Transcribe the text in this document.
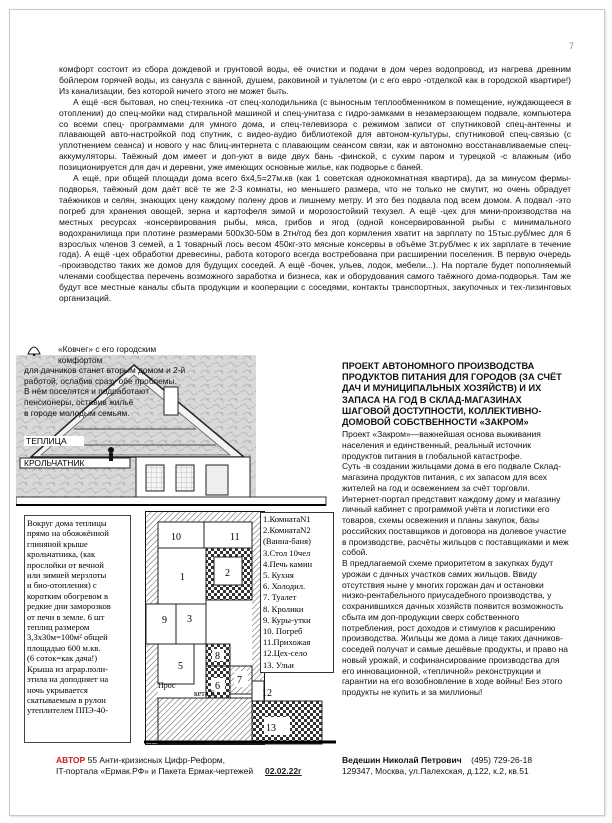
7

комфорт состоит из сбора дождевой и грунтовой воды, её очистки и подачи в дом через водопровод, из нагрева древним бойлером горячей воды, из санузла с ванной, душем, раковиной и туалетом (и с его евро -отделкой как в городской квартире!) Из канализации, без которой ничего этого не может быть.

А ещё -вся бытовая, но спец-техника -от спец-холодильника (с выносным теплообменником в помещение, нуждающееся в отоплении) до спец-мойки над стиральной машиной и спец-унитаза с гидро-замками в незамерзающем подвале, компьютера со всеми спец- программами для умного дома, и спец-телевизора с режимом записи от спутниковой спец-антенны и плавающей авто-настройкой под спутник, с видео-аудио библиотекой для автоном-культуры, спутниковой спец-связью (с уплотнением сеанса) и нового у нас блиц-интернета с плавающим сеансом связи, как и автономно восстанавливаемые спец-аккумуляторы. Таёжный дом имеет и доп-уют в виде двух бань -финской, с сухим паром и турецкой -с влажным (ибо позиционируется для дач и деревни, уже имеющих основные жилье, как подворье с баней.

А ещё, при общей площади дома всего 6х4,5=27м.кв (как 1 советская однокомнатная квартира), да за минусом фермы-подворья, таёжный дом даёт всё те же 2-3 комнаты, но меньшего размера, что не только не смутит, но очень обрадует таёжников и селян, знающих цену каждому полену дров и лишнему метру. И это без подвала под всем домом. А подвал -это погреб для хранения овощей, зерна и картофеля зимой и морозостойкий техузел. А ещё -цех для мини-производства на местных ресурсах -консервирования рыбы, мяса, грибов и ягод (одной консервированной рыбы с минимального водохранилища при плотине размерами 500х30-50м в 2тн/год без доп кормления хватит на зарплату по 15тыс.руб/мес для 6 взрослых членов 3 семей, а 1 товарный лось весом 450кг-это мясные консервы в объёме 3т.руб/мес к их зарплате в течение года). А ещё -цех обработки древесины, работа которого всегда востребована при расширении поселения. В первую очередь -производство таких же домов для будущих соседей. А ещё -бочек, ульев, лодок, мебели...). На портале будет пополняемый членами сообщества перечень возможного заработка и бизнеса, как и оборудования самого таёжного дома-подворья. Там же будут все местные каналы сбыта продукции и кооперации с соседями, контакты транспортных, закупочных и тех-лизинговых организаций.

ТЕПЛИЦА
КРОЛЬЧАТНИК
10	11
1	2
3
9
5
Прос
8
7
6
кета Б	12
13

«Ковчег» с его городским комфортом

для дачников станет вторым домом и 2-й

работой, ослабив сразу обе проблемы.

В нём поселятся и подработают

пенсионеры, оставив жильё

в городе молодым семьям.

1.КомнатаN1
2.КомнатаN2
(Ванна-баня)
3.Стол 10чел
4.Печь камин
5. Кухня
6. Холодил.
7. Туалет
8. Кролики
9. Куры-утки
10. Погреб
11.Прихожая
12.Цех-село
13. Ульи
Вокруг дома теплицы
прямо на обожжённой
глиняной крыше
крольчатника, (как
прослойки от вечной
или зимней мерзлоты
и био-отопления) с
коротким обогревом в
редкие дни заморозков
от печи в земле. 6 шт
теплиц размером
3,3х30м=100м² общей
площадью 600 м.кв.
(6 соток=как дача!)
Крыша из аграр.поли-
этила на доподняет на
ночь укрывается
скатываемым в рулон
утеплителем ППЭ-40-
ПРОЕКТ АВТОНОМНОГО ПРОИЗВОДСТВА ПРОДУКТОВ ПИТАНИЯ ДЛЯ ГОРОДОВ (ЗА СЧЁТ ДАЧ И МУНИЦИПАЛЬНЫХ ХОЗЯЙСТВ) И ИХ ЗАПАСА НА ГОД В СКЛАД-МАГАЗИНАХ ШАГОВОЙ ДОСТУПНОСТИ, КОЛЛЕКТИВНО-ДОМОВОЙ СОБСТВЕННОСТИ «ЗАКРОМ»

Проект «Закром»—важнейшая основа выживания населения и единственный, реальный источник продуктов питания в глобальной катастрофе.

Суть -в создании жильцами дома в его подвале Склад-магазина продуктов питания, с их запасом для всех жителей на год и освежением за счёт торговли. Интернет-портал представит каждому дому и магазину личный кабинет с программой учёта и логистики его товаров, схемы освежения и планы закупок, базы российских поставщиков и договора на долевое участие в производстве, расчёты жильцов с поставщиками и меж собой.

В предлагаемой схеме приоритетом в закупках будут урожаи с дачных участков самих жильцов. Ввиду отсутствия ныне у многих горожан дач и остановки низко-рентабельного приусадебного производства, у сохранившихся дачных хозяйств появится возможность сбыта им доп-продукции сверх собственного потребления, рост доходов и стимулов к расширению производства. Жильцы же дома а лице таких дачников-соседей получат и самые дешёвые продукты, и право на новый урожай, и софинансирование производства для его инновационной, «тепличной» реконструкции и гарантии на его возобновление в ходе войны! Без этого продукты не купить и за миллионы!

АВТОР 55 Анти-кризисных Цифр-Реформ,
IT-портала «Ермак.РФ» и Пакета Ермак-чертежей 02.02.22г
Ведешин Николай Петрович (495) 729-26-18
129347, Москва, ул.Палехская, д.122, к.2, кв.51
